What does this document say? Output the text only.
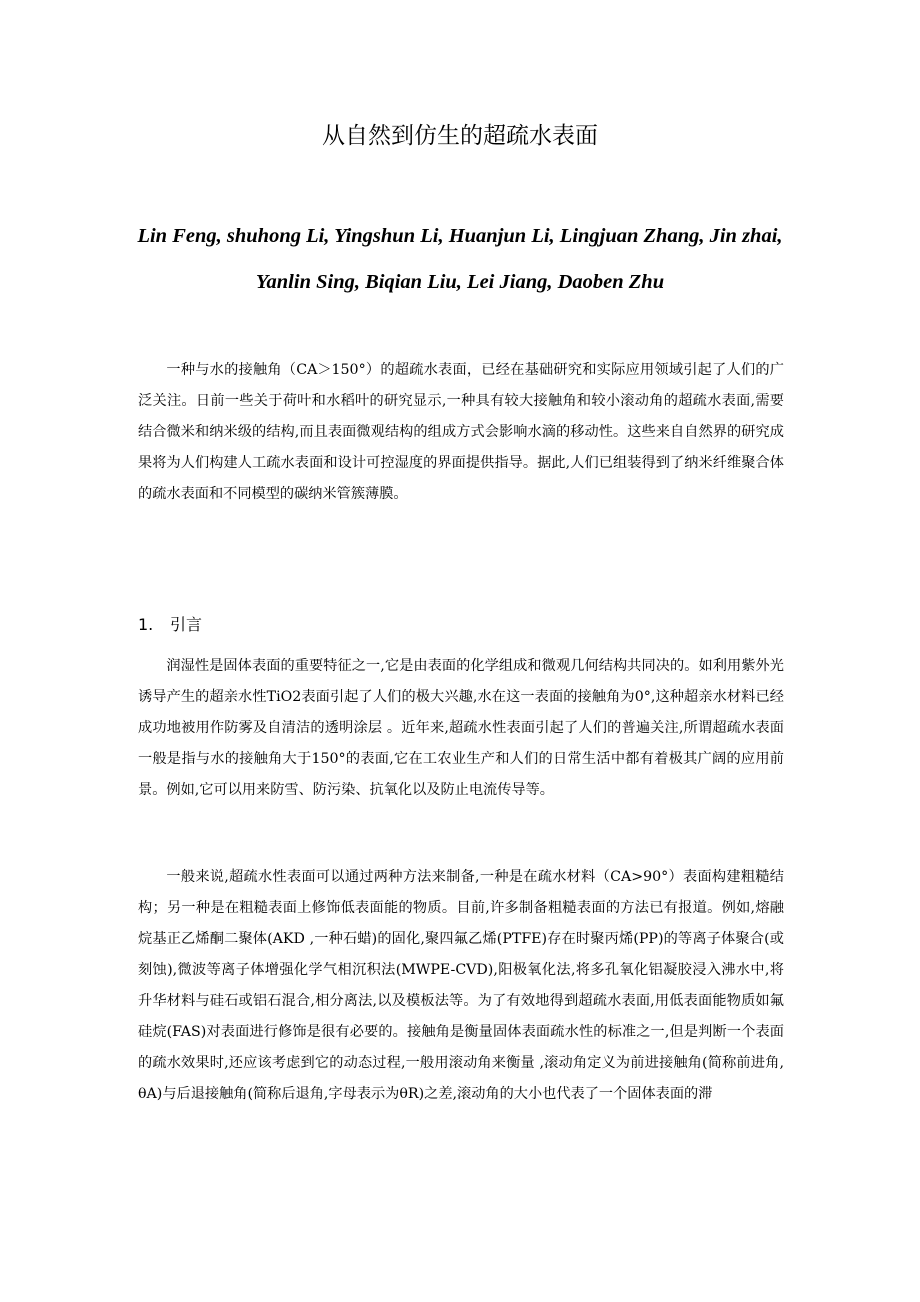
从自然到仿生的超疏水表面
Lin Feng, shuhong Li, Yingshun Li, Huanjun Li, Lingjuan Zhang, Jin zhai, Yanlin Sing, Biqian Liu, Lei Jiang, Daoben Zhu

一种与水的接触角（CA＞150°）的超疏水表面，已经在基础研究和实际应用领域引起了人们的广泛关注。日前一些关于荷叶和水稻叶的研究显示,一种具有较大接触角和较小滚动角的超疏水表面,需要结合微米和纳米级的结构,而且表面微观结构的组成方式会影响水滴的移动性。这些来自自然界的研究成果将为人们构建人工疏水表面和设计可控湿度的界面提供指导。据此,人们已组装得到了纳米纤维聚合体的疏水表面和不同模型的碳纳米管簇薄膜。

1. 引言

润湿性是固体表面的重要特征之一,它是由表面的化学组成和微观几何结构共同决的。如利用紫外光诱导产生的超亲水性TiO2表面引起了人们的极大兴趣,水在这一表面的接触角为0°,这种超亲水材料已经成功地被用作防雾及自清洁的透明涂层 。近年来,超疏水性表面引起了人们的普遍关注,所谓超疏水表面一般是指与水的接触角大于150°的表面,它在工农业生产和人们的日常生活中都有着极其广阔的应用前景。例如,它可以用来防雪、防污染、抗氧化以及防止电流传导等。

一般来说,超疏水性表面可以通过两种方法来制备,一种是在疏水材料（CA>90°）表面构建粗糙结构；另一种是在粗糙表面上修饰低表面能的物质。目前,许多制备粗糙表面的方法已有报道。例如,熔融烷基正乙烯酮二聚体(AKD ,一种石蜡)的固化,聚四氟乙烯(PTFE)存在时聚丙烯(PP)的等离子体聚合(或刻蚀),微波等离子体增强化学气相沉积法(MWPE-CVD),阳极氧化法,将多孔氧化铝凝胶浸入沸水中,将升华材料与硅石或铝石混合,相分离法,以及模板法等。为了有效地得到超疏水表面,用低表面能物质如氟硅烷(FAS)对表面进行修饰是很有必要的。接触角是衡量固体表面疏水性的标准之一,但是判断一个表面的疏水效果时,还应该考虑到它的动态过程,一般用滚动角来衡量 ,滚动角定义为前进接触角(简称前进角, θA)与后退接触角(简称后退角,字母表示为θR)之差,滚动角的大小也代表了一个固体表面的滞
